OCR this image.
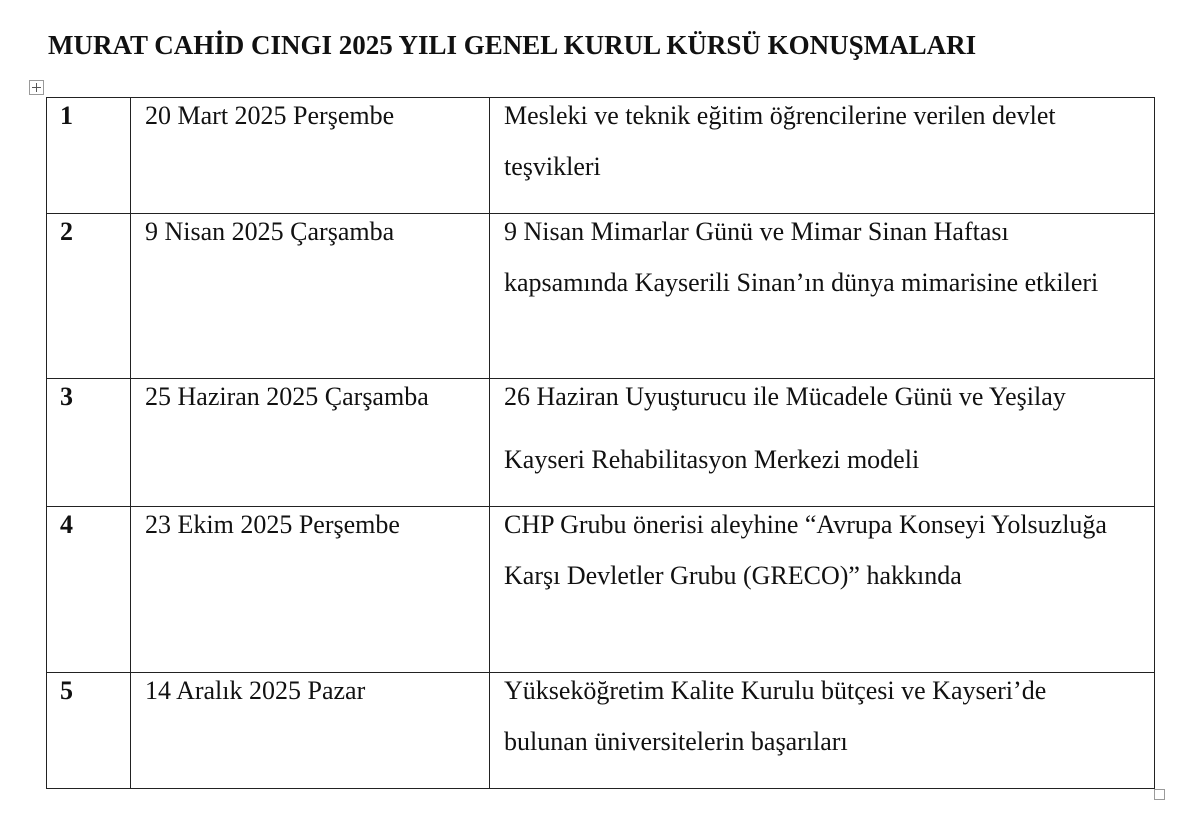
MURAT CAHİD CINGI 2025 YILI GENEL KURUL KÜRSÜ KONUŞMALARI
1	20 Mart 2025 Perşembe	Mesleki ve teknik eğitim öğrencilerine verilen devlet teşvikleri

2	9 Nisan 2025 Çarşamba	9 Nisan Mimarlar Günü ve Mimar Sinan Haftası kapsamında Kayserili Sinan’ın dünya mimarisine etkileri

3	25 Haziran 2025 Çarşamba	26 Haziran Uyuşturucu ile Mücadele Günü ve Yeşilay Kayseri Rehabilitasyon Merkezi modeli

4	23 Ekim 2025 Perşembe	CHP Grubu önerisi aleyhine “Avrupa Konseyi Yolsuzluğa Karşı Devletler Grubu (GRECO)” hakkında

5	14 Aralık 2025 Pazar	Yükseköğretim Kalite Kurulu bütçesi ve Kayseri’de bulunan üniversitelerin başarıları
